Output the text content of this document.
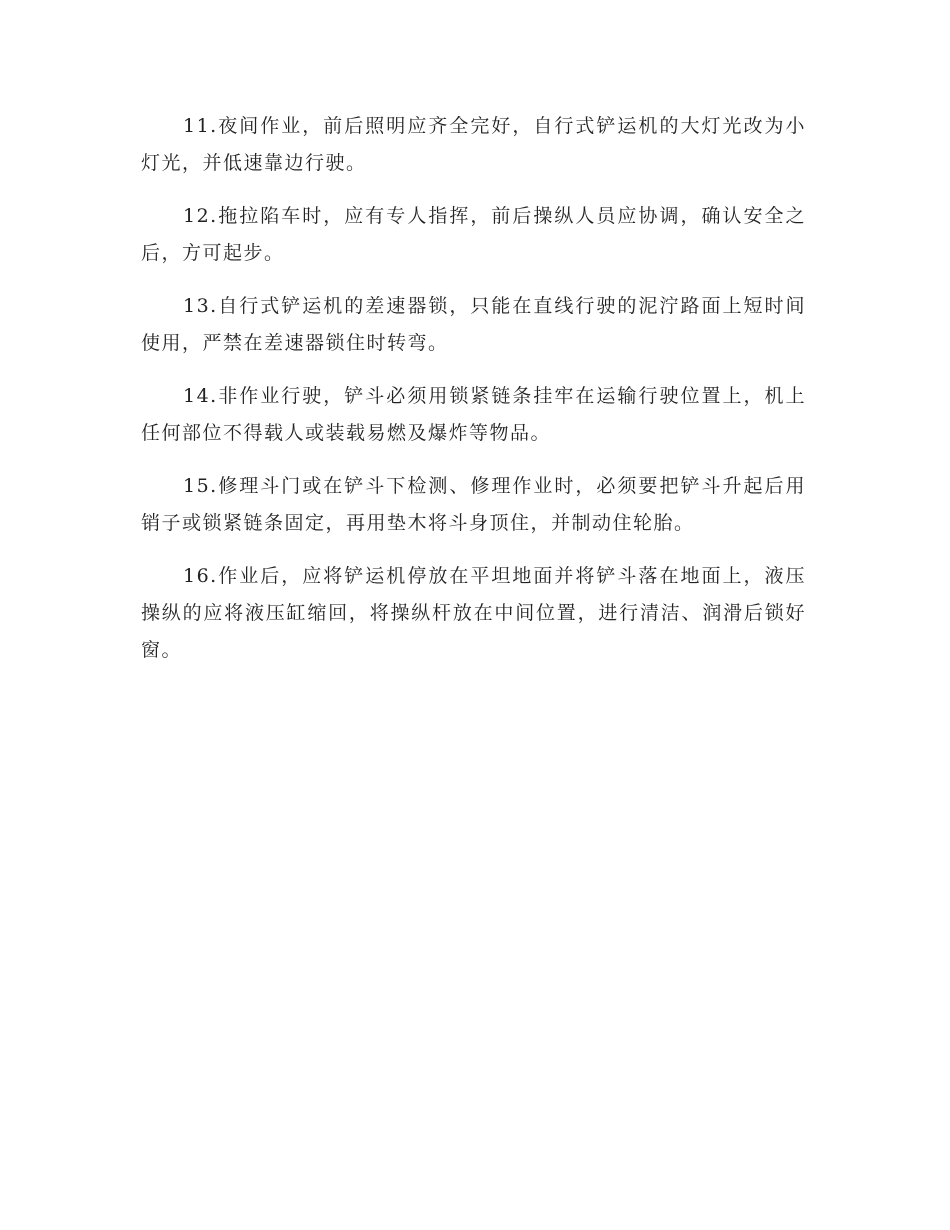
11.夜间作业，前后照明应齐全完好，自行式铲运机的大灯光改为小灯光，并低速靠边行驶。

12.拖拉陷车时，应有专人指挥，前后操纵人员应协调，确认安全之后，方可起步。

13.自行式铲运机的差速器锁，只能在直线行驶的泥泞路面上短时间使用，严禁在差速器锁住时转弯。

14.非作业行驶，铲斗必须用锁紧链条挂牢在运输行驶位置上，机上任何部位不得载人或装载易燃及爆炸等物品。

15.修理斗门或在铲斗下检测、修理作业时，必须要把铲斗升起后用销子或锁紧链条固定，再用垫木将斗身顶住，并制动住轮胎。

16.作业后，应将铲运机停放在平坦地面并将铲斗落在地面上，液压操纵的应将液压缸缩回，将操纵杆放在中间位置，进行清洁、润滑后锁好窗。
